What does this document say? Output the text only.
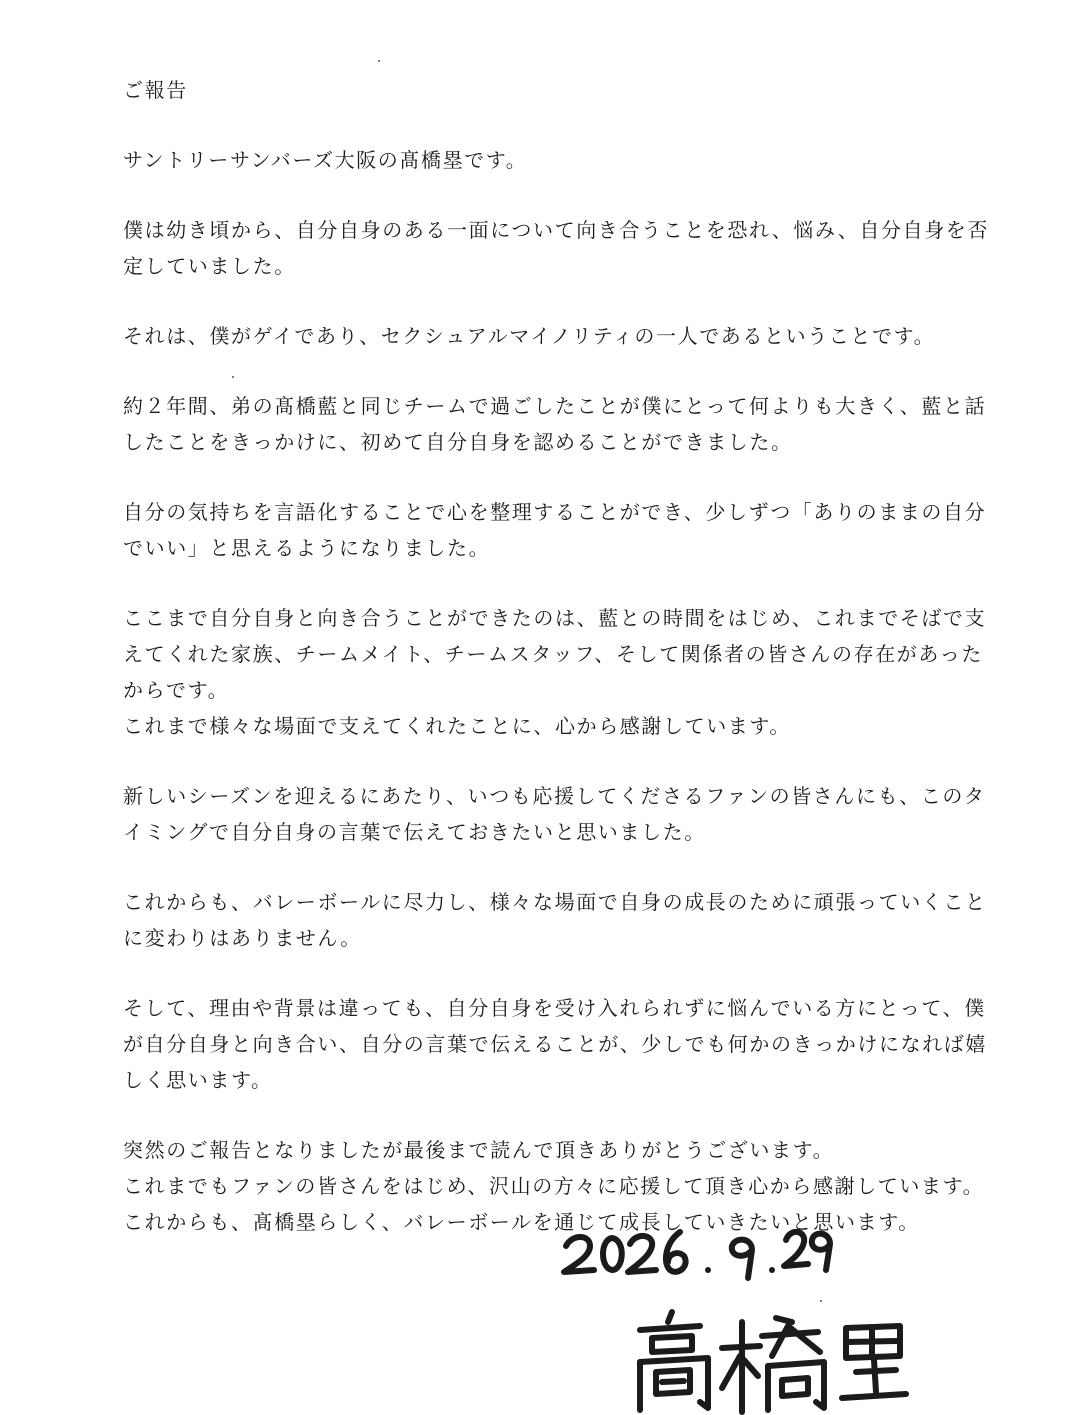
ご報告

サントリーサンバーズ大阪の髙橋塁です。

僕は幼き頃から、自分自身のある一面について向き合うことを恐れ、悩み、自分自身を否
定していました。

それは、僕がゲイであり、セクシュアルマイノリティの一人であるということです。

約２年間、弟の髙橋藍と同じチームで過ごしたことが僕にとって何よりも大きく、藍と話
したことをきっかけに、初めて自分自身を認めることができました。

自分の気持ちを言語化することで心を整理することができ、少しずつ「ありのままの自分
でいい」と思えるようになりました。

ここまで自分自身と向き合うことができたのは、藍との時間をはじめ、これまでそばで支
えてくれた家族、チームメイト、チームスタッフ、そして関係者の皆さんの存在があった
からです。
これまで様々な場面で支えてくれたことに、心から感謝しています。

新しいシーズンを迎えるにあたり、いつも応援してくださるファンの皆さんにも、このタ
イミングで自分自身の言葉で伝えておきたいと思いました。

これからも、バレーボールに尽力し、様々な場面で自身の成長のために頑張っていくこと
に変わりはありません。

そして、理由や背景は違っても、自分自身を受け入れられずに悩んでいる方にとって、僕
が自分自身と向き合い、自分の言葉で伝えることが、少しでも何かのきっかけになれば嬉
しく思います。

突然のご報告となりましたが最後まで読んで頂きありがとうございます。
これまでもファンの皆さんをはじめ、沢山の方々に応援して頂き心から感謝しています。
これからも、髙橋塁らしく、バレーボールを通じて成長していきたいと思います。
